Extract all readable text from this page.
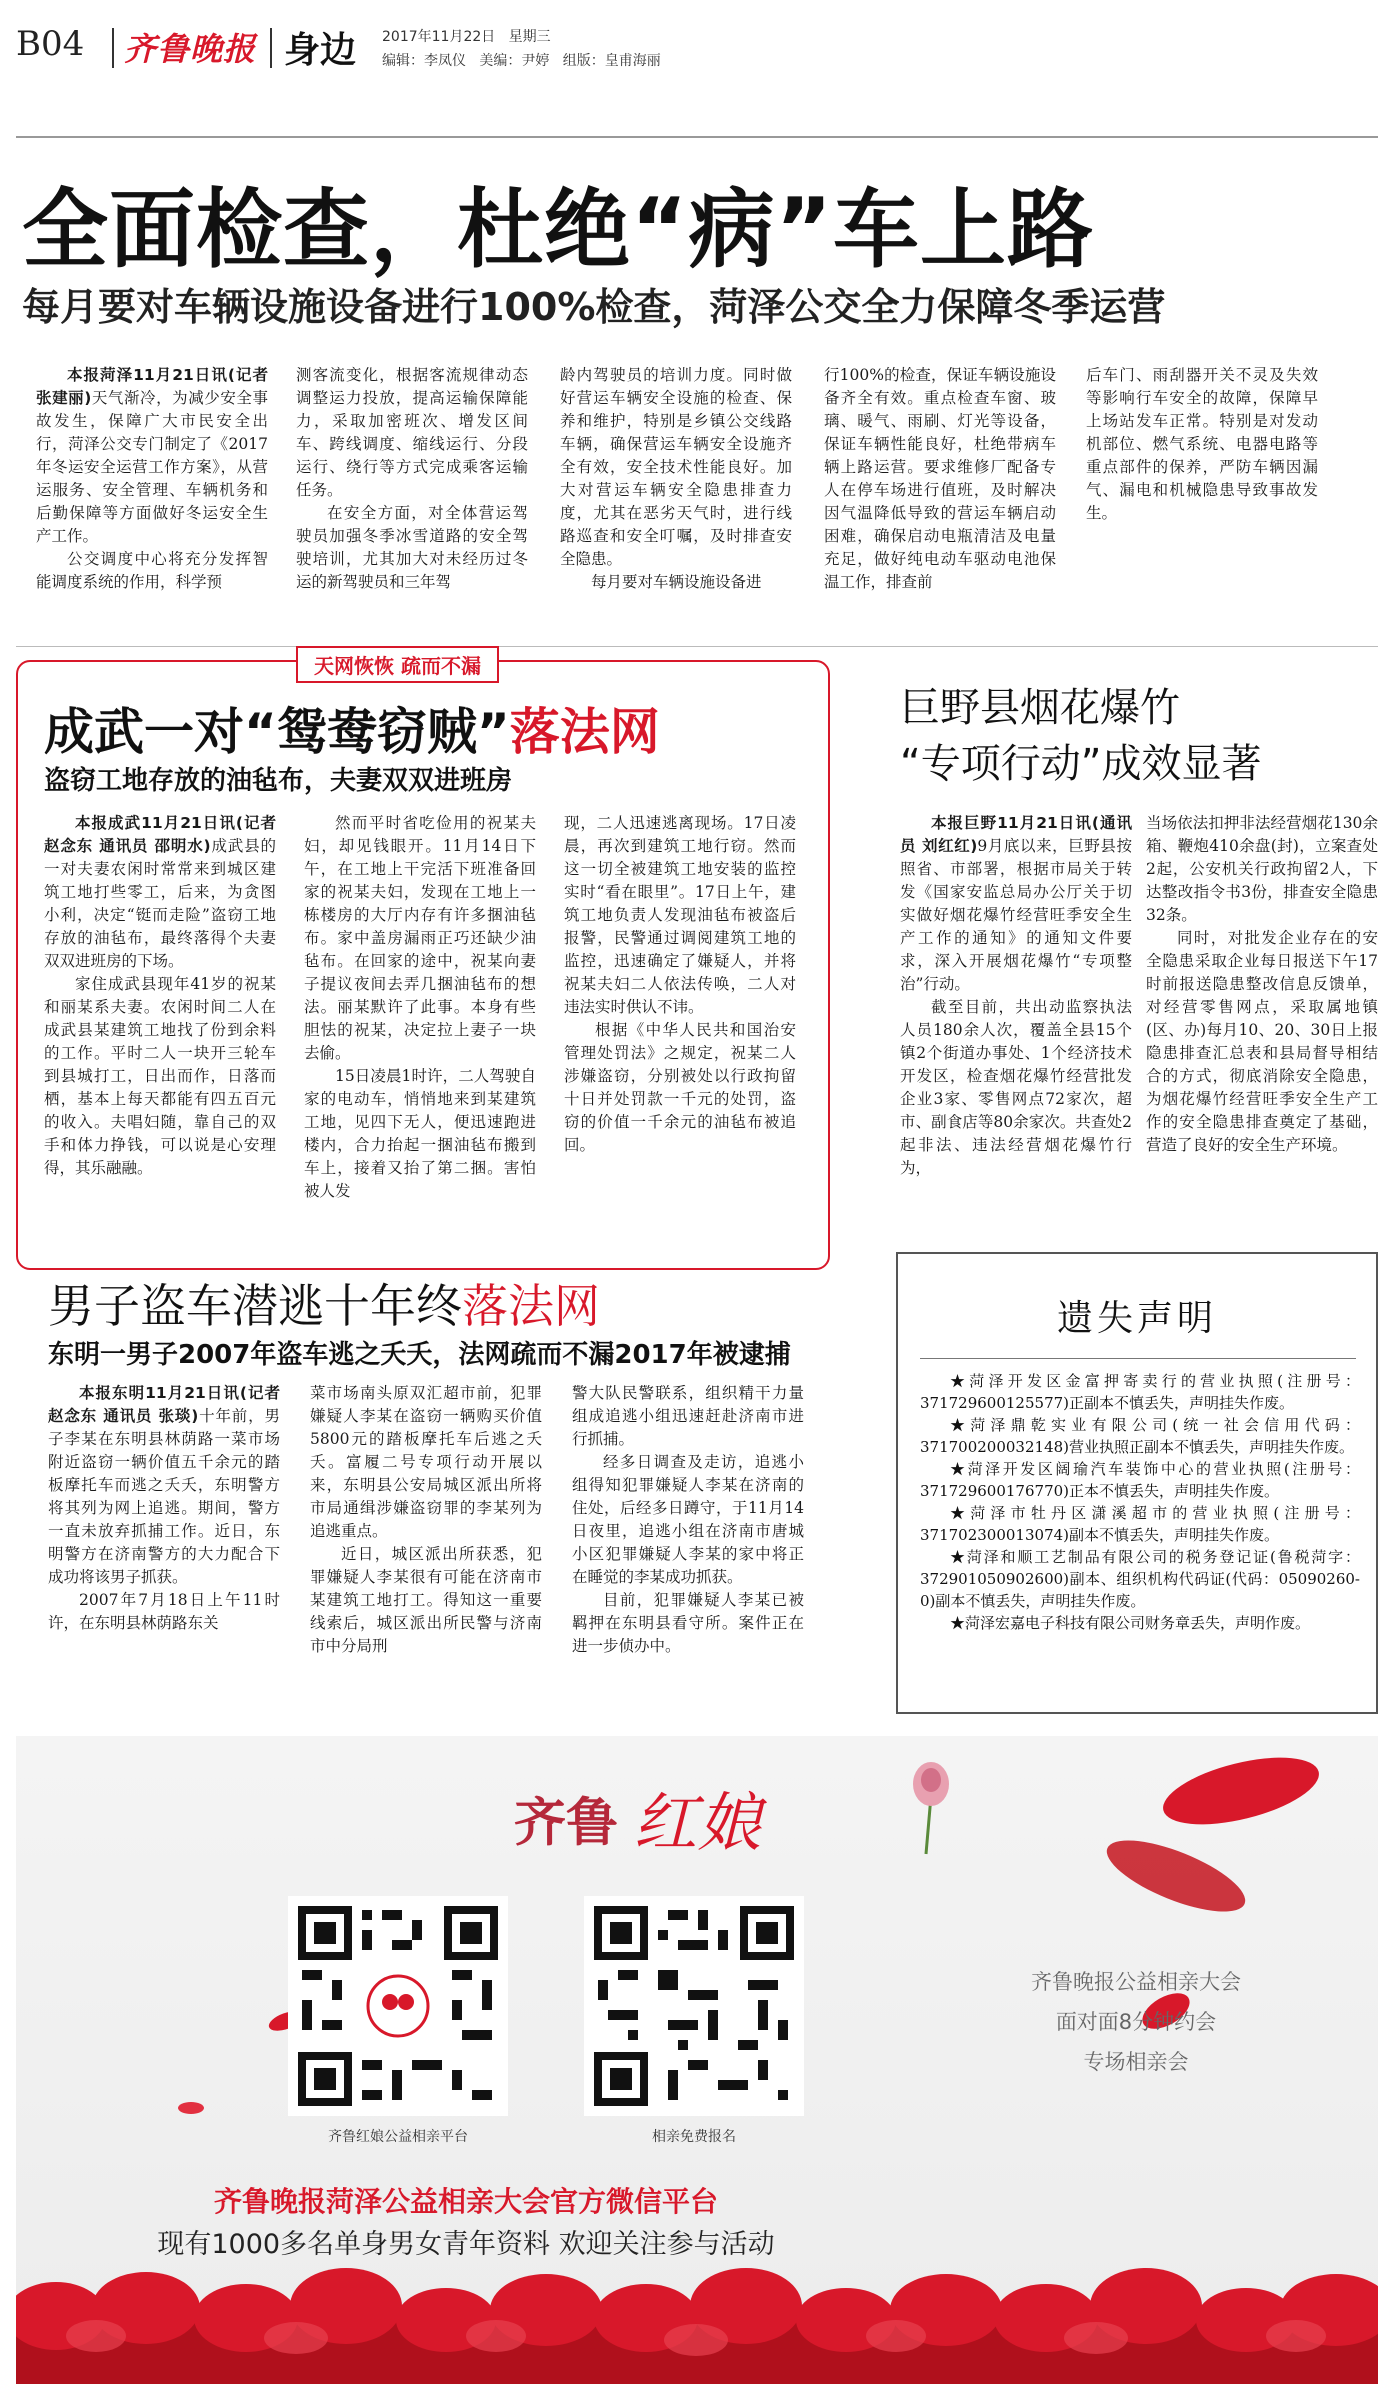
B04 齐鲁晚报 身边 2017年11月22日 星期三
编辑：李凤仪 美编：尹婷 组版：皇甫海丽
全面检查，杜绝“病”车上路
每月要对车辆设施设备进行100%检查，菏泽公交全力保障冬季运营

本报菏泽11月21日讯(记者 张建丽)天气渐冷，为减少安全事故发生，保障广大市民安全出行，菏泽公交专门制定了《2017年冬运安全运营工作方案》，从营运服务、安全管理、车辆机务和后勤保障等方面做好冬运安全生产工作。

公交调度中心将充分发挥智能调度系统的作用，科学预

测客流变化，根据客流规律动态调整运力投放，提高运输保障能力，采取加密班次、增发区间车、跨线调度、缩线运行、分段运行、绕行等方式完成乘客运输任务。

在安全方面，对全体营运驾驶员加强冬季冰雪道路的安全驾驶培训，尤其加大对未经历过冬运的新驾驶员和三年驾

龄内驾驶员的培训力度。同时做好营运车辆安全设施的检查、保养和维护，特别是乡镇公交线路车辆，确保营运车辆安全设施齐全有效，安全技术性能良好。加大对营运车辆安全隐患排查力度，尤其在恶劣天气时，进行线路巡查和安全叮嘱，及时排查安全隐患。

每月要对车辆设施设备进

行100%的检查，保证车辆设施设备齐全有效。重点检查车窗、玻璃、暖气、雨刷、灯光等设备，保证车辆性能良好，杜绝带病车辆上路运营。要求维修厂配备专人在停车场进行值班，及时解决因气温降低导致的营运车辆启动困难，确保启动电瓶清洁及电量充足，做好纯电动车驱动电池保温工作，排查前

后车门、雨刮器开关不灵及失效等影响行车安全的故障，保障早上场站发车正常。特别是对发动机部位、燃气系统、电器电路等重点部件的保养，严防车辆因漏气、漏电和机械隐患导致事故发生。

天网恢恢 疏而不漏
成武一对“鸳鸯窃贼”落法网
盗窃工地存放的油毡布，夫妻双双进班房

本报成武11月21日讯(记者 赵念东 通讯员 邵明水)成武县的一对夫妻农闲时常常来到城区建筑工地打些零工，后来，为贪图小利，决定“铤而走险”盗窃工地存放的油毡布，最终落得个夫妻双双进班房的下场。

家住成武县现年41岁的祝某和丽某系夫妻。农闲时间二人在成武县某建筑工地找了份到余料的工作。平时二人一块开三轮车到县城打工，日出而作，日落而栖，基本上每天都能有四五百元的收入。夫唱妇随，靠自己的双手和体力挣钱，可以说是心安理得，其乐融融。

然而平时省吃俭用的祝某夫妇，却见钱眼开。11月14日下午，在工地上干完活下班准备回家的祝某夫妇，发现在工地上一栋楼房的大厅内存有许多捆油毡布。家中盖房漏雨正巧还缺少油毡布。在回家的途中，祝某向妻子提议夜间去弄几捆油毡布的想法。丽某默许了此事。本身有些胆怯的祝某，决定拉上妻子一块去偷。

15日凌晨1时许，二人驾驶自家的电动车，悄悄地来到某建筑工地，见四下无人，便迅速跑进楼内，合力抬起一捆油毡布搬到车上，接着又抬了第二捆。害怕被人发

现，二人迅速逃离现场。17日凌晨，再次到建筑工地行窃。然而这一切全被建筑工地安装的监控实时“看在眼里”。17日上午，建筑工地负责人发现油毡布被盗后报警，民警通过调阅建筑工地的监控，迅速确定了嫌疑人，并将祝某夫妇二人依法传唤，二人对违法实时供认不讳。

根据《中华人民共和国治安管理处罚法》之规定，祝某二人涉嫌盗窃，分别被处以行政拘留十日并处罚款一千元的处罚，盗窃的价值一千余元的油毡布被追回。

巨野县烟花爆竹
“专项行动”成效显著

本报巨野11月21日讯(通讯员 刘红红)9月底以来，巨野县按照省、市部署，根据市局关于转发《国家安监总局办公厅关于切实做好烟花爆竹经营旺季安全生产工作的通知》的通知文件要求，深入开展烟花爆竹“专项整治”行动。

截至目前，共出动监察执法人员180余人次，覆盖全县15个镇2个街道办事处、1个经济技术开发区，检查烟花爆竹经营批发企业3家、零售网点72家次，超市、副食店等80余家次。共查处2起非法、违法经营烟花爆竹行为，

当场依法扣押非法经营烟花130余箱、鞭炮410余盘(封)，立案查处2起，公安机关行政拘留2人，下达整改指令书3份，排查安全隐患32条。

同时，对批发企业存在的安全隐患采取企业每日报送下午17时前报送隐患整改信息反馈单，对经营零售网点，采取属地镇(区、办)每月10、20、30日上报隐患排查汇总表和县局督导相结合的方式，彻底消除安全隐患，为烟花爆竹经营旺季安全生产工作的安全隐患排查奠定了基础，营造了良好的安全生产环境。

男子盗车潜逃十年终落法网
东明一男子2007年盗车逃之夭夭，法网疏而不漏2017年被逮捕

本报东明11月21日讯(记者 赵念东 通讯员 张琰)十年前，男子李某在东明县林荫路一菜市场附近盗窃一辆价值五千余元的踏板摩托车而逃之夭夭，东明警方将其列为网上追逃。期间，警方一直未放弃抓捕工作。近日，东明警方在济南警方的大力配合下成功将该男子抓获。

2007年7月18日上午11时许，在东明县林荫路东关

菜市场南头原双汇超市前，犯罪嫌疑人李某在盗窃一辆购买价值5800元的踏板摩托车后逃之夭夭。富履二号专项行动开展以来，东明县公安局城区派出所将市局通缉涉嫌盗窃罪的李某列为追逃重点。

近日，城区派出所获悉，犯罪嫌疑人李某很有可能在济南市某建筑工地打工。得知这一重要线索后，城区派出所民警与济南市中分局刑

警大队民警联系，组织精干力量组成追逃小组迅速赶赴济南市进行抓捕。

经多日调查及走访，追逃小组得知犯罪嫌疑人李某在济南的住处，后经多日蹲守，于11月14日夜里，追逃小组在济南市唐城小区犯罪嫌疑人李某的家中将正在睡觉的李某成功抓获。

目前，犯罪嫌疑人李某已被羁押在东明县看守所。案件正在进一步侦办中。

遗失声明

★菏泽开发区金富押寄卖行的营业执照(注册号：371729600125577)正副本不慎丢失，声明挂失作废。

★菏泽鼎乾实业有限公司(统一社会信用代码：371700200032148)营业执照正副本不慎丢失，声明挂失作废。

★菏泽开发区阔瑜汽车装饰中心的营业执照(注册号：371729600176770)正本不慎丢失，声明挂失作废。

★菏泽市牡丹区潇溪超市的营业执照(注册号：371702300013074)副本不慎丢失，声明挂失作废。

★菏泽和顺工艺制品有限公司的税务登记证(鲁税菏字：372901050902600)副本、组织机构代码证(代码：05090260-0)副本不慎丢失，声明挂失作废。

★菏泽宏嘉电子科技有限公司财务章丢失，声明作废。

齐鲁 红娘
齐鲁红娘公益相亲平台	相亲免费报名
齐鲁晚报公益相亲大会
面对面8分钟约会
专场相亲会
齐鲁晚报菏泽公益相亲大会官方微信平台
现有1000多名单身男女青年资料 欢迎关注参与活动
